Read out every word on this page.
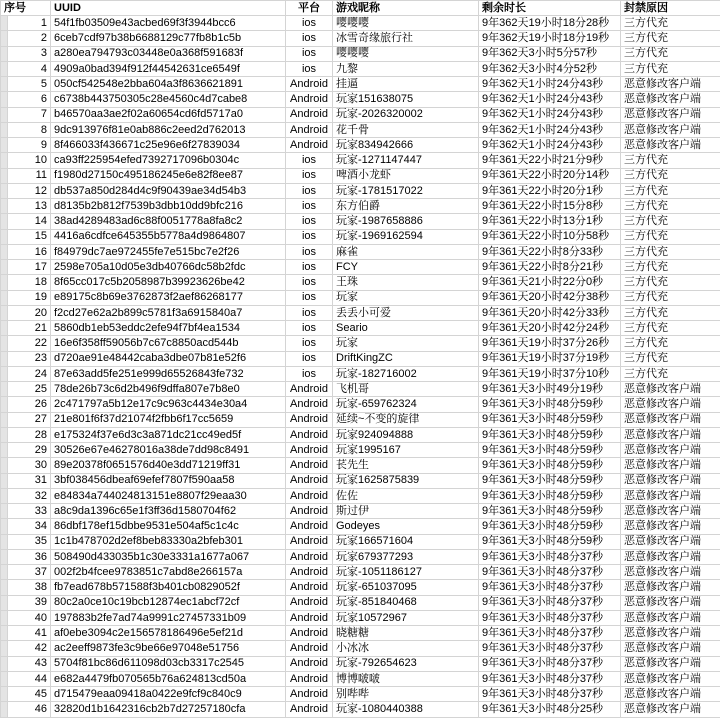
序号		UUID	平台	游戏昵称	剩余时长	封禁原因
	1	54f1fb03509e43acbed69f3f3944bcc6	ios	嘤嘤嘤	9年362天19小时18分28秒	三方代充
	2	6ceb7cdf97b38b6688129c77fb8b1c5b	ios	冰雪奇缘旅行社	9年362天19小时18分19秒	三方代充
	3	a280ea794793c03448e0a368f591683f	ios	嘤嘤嘤	9年362天3小时5分57秒	三方代充
	4	4909a0bad394f912f44542631ce6549f	ios	九黎	9年362天3小时4分52秒	三方代充
	5	050cf542548e2bba604a3f8636621891	Android	挂逼	9年362天1小时24分43秒	恶意修改客户端
	6	c6738b443750305c28e4560c4d7cabe8	Android	玩家151638075	9年362天1小时24分43秒	恶意修改客户端
	7	b46570aa3ae2f02a60654cd6fd5717a0	Android	玩家-2026320002	9年362天1小时24分43秒	恶意修改客户端
	8	9dc913976f81e0ab886c2eed2d762013	Android	花千骨	9年362天1小时24分43秒	恶意修改客户端
	9	8f466033f436671c25e96e6f27839034	Android	玩家834942666	9年362天1小时24分43秒	恶意修改客户端
	10	ca93ff225954efed7392717096b0304c	ios	玩家-1271147447	9年361天22小时21分9秒	三方代充
	11	f1980d27150c495186245e6e82f8ee87	ios	啤酒小龙虾	9年361天22小时20分14秒	三方代充
	12	db537a850d284d4c9f90439ae34d54b3	ios	玩家-1781517022	9年361天22小时20分1秒	三方代充
	13	d8135b2b812f7539b3dbb10dd9bfc216	ios	东方伯爵	9年361天22小时15分8秒	三方代充
	14	38ad4289483ad6c88f0051778a8fa8c2	ios	玩家-1987658886	9年361天22小时13分1秒	三方代充
	15	4416a6cdfce645355b5778a4d9864807	ios	玩家-1969162594	9年361天22小时10分58秒	三方代充
	16	f84979dc7ae972455fe7e515bc7e2f26	ios	麻雀	9年361天22小时8分33秒	三方代充
	17	2598e705a10d05e3db40766dc58b2fdc	ios	FCY	9年361天22小时8分21秒	三方代充
	18	8f65cc017c5b2058987b39923626be42	ios	王珠	9年361天21小时22分0秒	三方代充
	19	e89175c8b69e3762873f2aef86268177	ios	玩家	9年361天20小时42分38秒	三方代充
	20	f2cd27e62a2b899c5781f3a6915840a7	ios	丢丢小可爱	9年361天20小时42分33秒	三方代充
	21	5860db1eb53eddc2efe94f7bf4ea1534	ios	Seario	9年361天20小时42分24秒	三方代充
	22	16e6f358ff59056b7c67c8850acd544b	ios	玩家	9年361天19小时37分26秒	三方代充
	23	d720ae91e48442caba3dbe07b81e52f6	ios	DriftKingZC	9年361天19小时37分19秒	三方代充
	24	87e63add5fe251e999d65526843fe732	ios	玩家-182716002	9年361天19小时37分10秒	三方代充
	25	78de26b73c6d2b496f9dffa807e7b8e0	Android	飞机哥	9年361天3小时49分19秒	恶意修改客户端
	26	2c471797a5b12e17c9c963c4434e30a4	Android	玩家-659762324	9年361天3小时48分59秒	恶意修改客户端
	27	21e801f6f37d21074f2fbb6f17cc5659	Android	延续~不变的旋律	9年361天3小时48分59秒	恶意修改客户端
	28	e175324f37e6d3c3a871dc21cc49ed5f	Android	玩家924094888	9年361天3小时48分59秒	恶意修改客户端
	29	30526e67e46278016a38de7dd98c8491	Android	玩家1995167	9年361天3小时48分59秒	恶意修改客户端
	30	89e20378f0651576d40e3dd71219ff31	Android	苌先生	9年361天3小时48分59秒	恶意修改客户端
	31	3bf038456dbeaf69efef7807f590aa58	Android	玩家1625875839	9年361天3小时48分59秒	恶意修改客户端
	32	e84834a744024813151e8807f29eaa30	Android	佐佐	9年361天3小时48分59秒	恶意修改客户端
	33	a8c9da1396c65e1f3ff36d1580704f62	Android	斯过伊	9年361天3小时48分59秒	恶意修改客户端
	34	86dbf178ef15dbbe9531e504af5c1c4c	Android	Godeyes	9年361天3小时48分59秒	恶意修改客户端
	35	1c1b478702d2ef8beb83330a2bfeb301	Android	玩家166571604	9年361天3小时48分59秒	恶意修改客户端
	36	508490d433035b1c30e3331a1677a067	Android	玩家679377293	9年361天3小时48分37秒	恶意修改客户端
	37	002f2b4fcee9783851c7abd8e266157a	Android	玩家-1051186127	9年361天3小时48分37秒	恶意修改客户端
	38	fb7ead678b571588f3b401cb0829052f	Android	玩家-651037095	9年361天3小时48分37秒	恶意修改客户端
	39	80c2a0ce10c19bcb12874ec1abcf72cf	Android	玩家-851840468	9年361天3小时48分37秒	恶意修改客户端
	40	197883b2fe7ad74a9991c27457331b09	Android	玩家10572967	9年361天3小时48分37秒	恶意修改客户端
	41	af0ebe3094c2e156578186496e5ef21d	Android	晓糖糖	9年361天3小时48分37秒	恶意修改客户端
	42	ac2eeff9873fe3c9be66e97048e51756	Android	小冰冰	9年361天3小时48分37秒	恶意修改客户端
	43	5704f81bc86d611098d03cb3317c2545	Android	玩家-792654623	9年361天3小时48分37秒	恶意修改客户端
	44	e682a4479fb070565b76a624813cd50a	Android	博博啵啵	9年361天3小时48分37秒	恶意修改客户端
	45	d715479eaa09418a0422e9fcf9c840c9	Android	别哔哔	9年361天3小时48分37秒	恶意修改客户端
	46	32820d1b1642316cb2b7d27257180cfa	Android	玩家-1080440388	9年361天3小时48分25秒	恶意修改客户端
